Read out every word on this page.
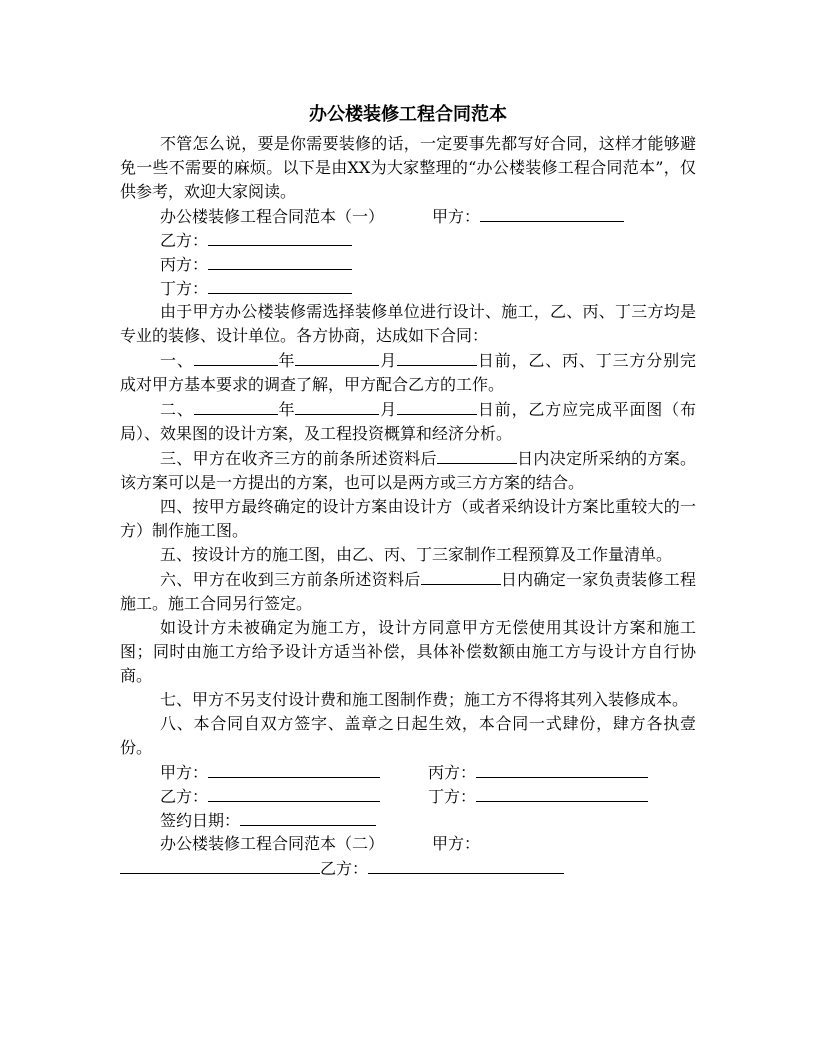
办公楼装修工程合同范本

不管怎么说，要是你需要装修的话，一定要事先都写好合同，这样才能够避免一些不需要的麻烦。以下是由XX为大家整理的“办公楼装修工程合同范本”，仅供参考，欢迎大家阅读。

办公楼装修工程合同范本（一）	甲方：
乙方：
丙方：
丁方：

由于甲方办公楼装修需选择装修单位进行设计、施工，乙、丙、丁三方均是专业的装修、设计单位。各方协商，达成如下合同：

一、	年	月	日前，乙、丙、丁三方分别完成对甲方基本要求的调查了解，甲方配合乙方的工作。

二、	年	月	日前，乙方应完成平面图（布局）、效果图的设计方案，及工程投资概算和经济分析。

三、甲方在收齐三方的前条所述资料后	日内决定所采纳的方案。该方案可以是一方提出的方案，也可以是两方或三方方案的结合。

四、按甲方最终确定的设计方案由设计方（或者采纳设计方案比重较大的一方）制作施工图。

五、按设计方的施工图，由乙、丙、丁三家制作工程预算及工作量清单。

六、甲方在收到三方前条所述资料后	日内确定一家负责装修工程施工。施工合同另行签定。

如设计方未被确定为施工方，设计方同意甲方无偿使用其设计方案和施工图；同时由施工方给予设计方适当补偿，具体补偿数额由施工方与设计方自行协商。

七、甲方不另支付设计费和施工图制作费；施工方不得将其列入装修成本。

八、本合同自双方签字、盖章之日起生效，本合同一式肆份，肆方各执壹份。

甲方：	丙方：
乙方：	丁方：
签约日期：
办公楼装修工程合同范本（二）	甲方：
乙方：
